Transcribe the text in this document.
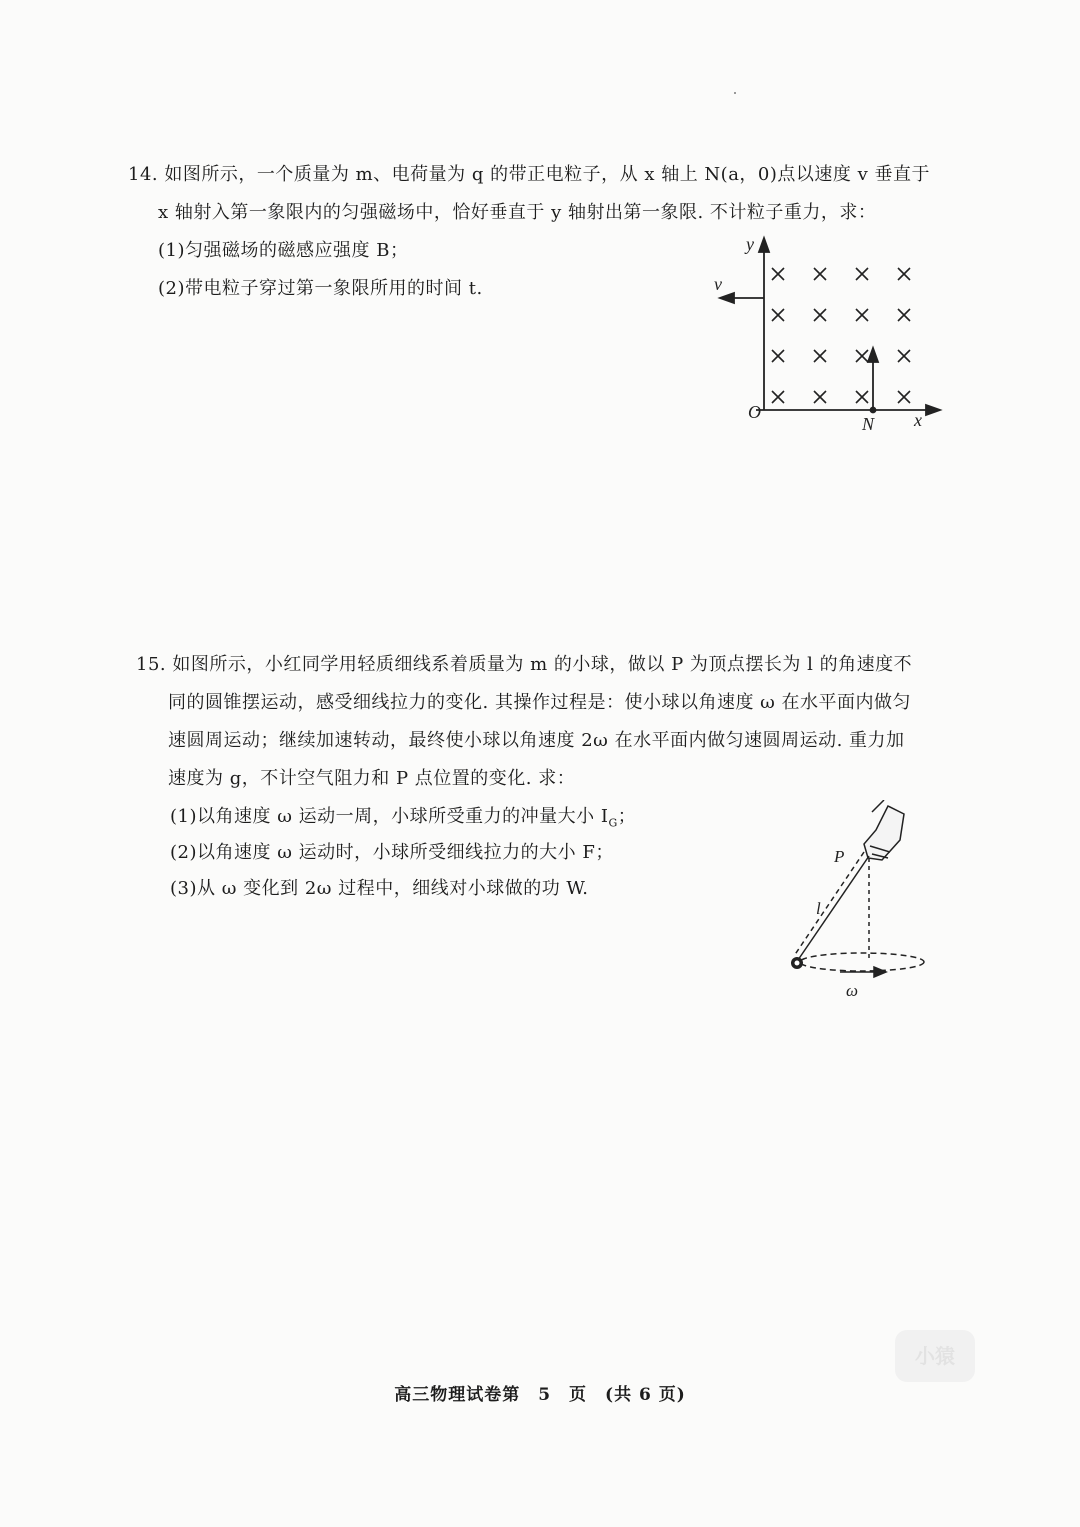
14. 如图所示，一个质量为 m、电荷量为 q 的带正电粒子，从 x 轴上 N(a，0)点以速度 v 垂直于
x 轴射入第一象限内的匀强磁场中，恰好垂直于 y 轴射出第一象限. 不计粒子重力，求：
(1)匀强磁场的磁感应强度 B；
(2)带电粒子穿过第一象限所用的时间 t.
y
x
O
N
v
15. 如图所示，小红同学用轻质细线系着质量为 m 的小球，做以 P 为顶点摆长为 l 的角速度不
同的圆锥摆运动，感受细线拉力的变化. 其操作过程是：使小球以角速度 ω 在水平面内做匀
速圆周运动；继续加速转动，最终使小球以角速度 2ω 在水平面内做匀速圆周运动. 重力加
速度为 g，不计空气阻力和 P 点位置的变化. 求：
(1)以角速度 ω 运动一周，小球所受重力的冲量大小 $I_G$；
(2)以角速度 ω 运动时，小球所受细线拉力的大小 F；
(3)从 ω 变化到 2ω 过程中，细线对小球做的功 W.
P
l
ω
小猿
高三物理试卷第　5　页　(共 6 页)
